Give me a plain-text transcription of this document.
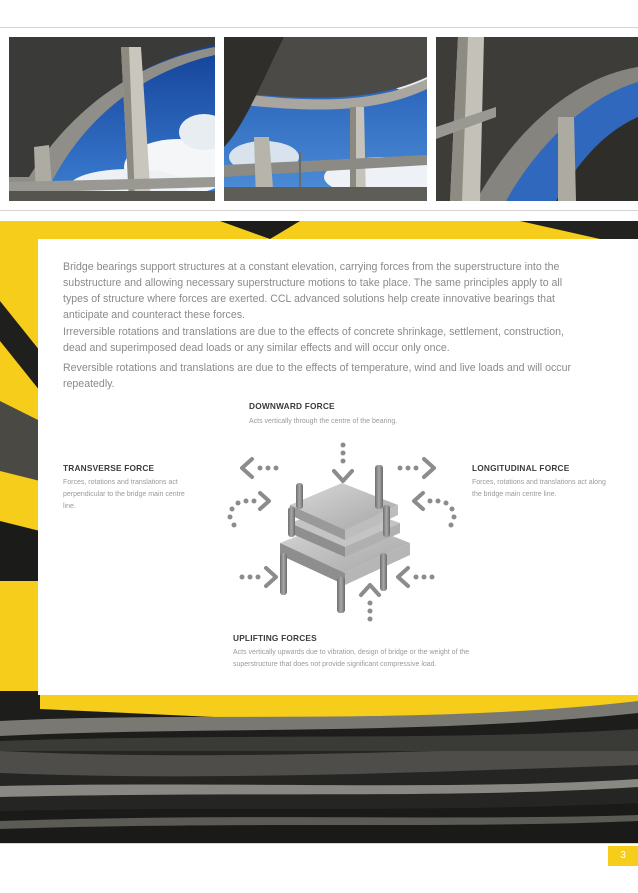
Bridge bearings support structures at a constant elevation, carrying forces from the superstructure into the substructure and allowing necessary superstructure motions to take place. The same principles apply to all types of structure where forces are exerted. CCL advanced solutions help create innovative bearings that anticipate and counteract these forces.

Irreversible rotations and translations are due to the effects of concrete shrinkage, settlement, construction, dead and superimposed dead loads or any similar effects and will occur only once.

Reversible rotations and translations are due to the effects of temperature, wind and live loads and will occur repeatedly.

DOWNWARD FORCE
Acts vertically through the centre of the bearing.
TRANSVERSE FORCE
Forces, rotations and translations act perpendicular to the bridge main centre line.
LONGITUDINAL FORCE
Forces, rotations and translations act along the bridge main centre line.
UPLIFTING FORCES
Acts vertically upwards due to vibration, design of bridge or the weight of the superstructure that does not provide significant compressive load.
3
